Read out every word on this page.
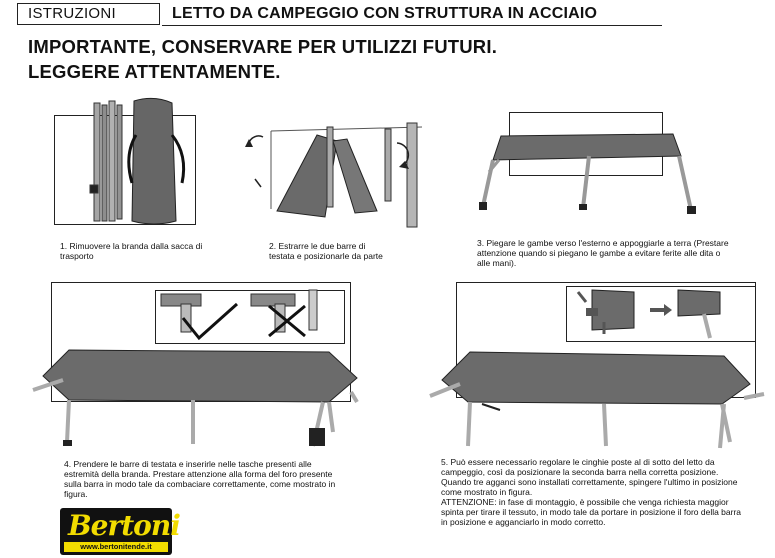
ISTRUZIONI	LETTO DA CAMPEGGIO CON STRUTTURA IN ACCIAIO
IMPORTANTE, CONSERVARE PER UTILIZZI FUTURI.
LEGGERE ATTENTAMENTE.
1. Rimuovere la branda dalla sacca di
trasporto
2. Estrarre le due barre di
testata e posizionarle da parte
3. Piegare le gambe verso l'esterno e appoggiarle a terra (Prestare
attenzione quando si piegano le gambe a evitare ferite alle dita o
alle mani).
4. Prendere le barre di testata e inserirle nelle tasche presenti alle
estremità della branda. Prestare attenzione alla forma del foro presente
sulla barra in modo tale da combaciare correttamente, come mostrato in
figura.
5. Può essere necessario regolare le cinghie poste al di sotto del letto da
campeggio, così da posizionare la seconda barra nella corretta posizione.
Quando tre agganci sono installati correttamente, spingere l'ultimo in posizione
come mostrato in figura.
ATTENZIONE: in fase di montaggio, è possibile che venga richiesta maggior
spinta per tirare il tessuto, in modo tale da portare in posizione il foro della barra
in posizione e agganciarlo in modo corretto.
Bertoni
www.bertonitende.it
